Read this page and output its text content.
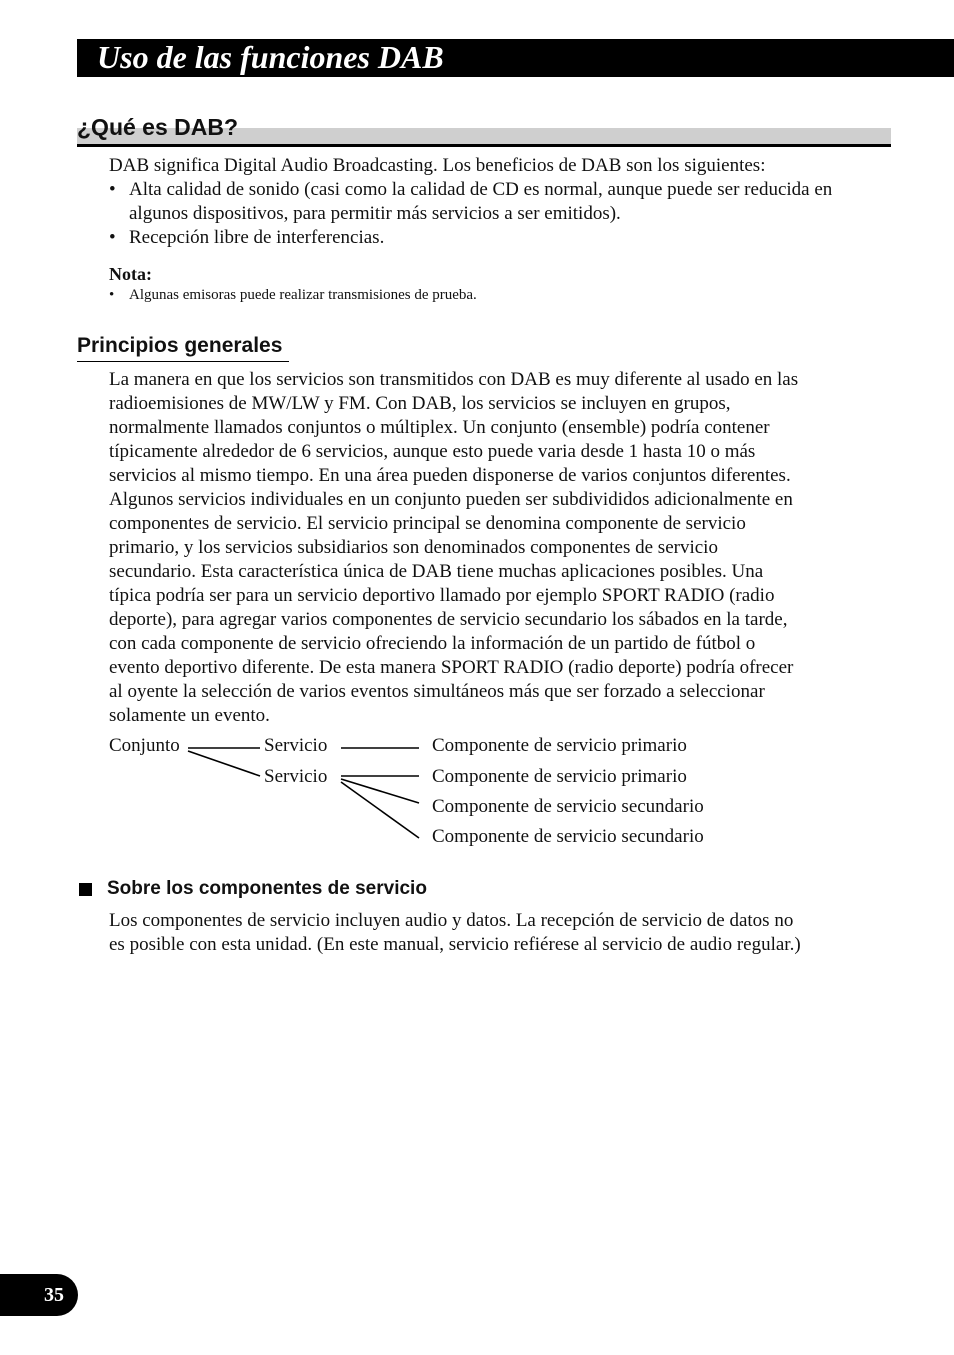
Uso de las funciones DAB
¿Qué es DAB?
DAB significa Digital Audio Broadcasting. Los beneficios de DAB son los siguientes:
• Alta calidad de sonido (casi como la calidad de CD es normal, aunque puede ser reducida en algunos dispositivos, para permitir más servicios a ser emitidos).
• Recepción libre de interferencias.
Nota:
• Algunas emisoras puede realizar transmisiones de prueba.
Principios generales
La manera en que los servicios son transmitidos con DAB es muy diferente al usado en las
radioemisiones de MW/LW y FM. Con DAB, los servicios se incluyen en grupos,
normalmente llamados conjuntos o múltiplex. Un conjunto (ensemble) podría contener
típicamente alrededor de 6 servicios, aunque esto puede varia desde 1 hasta 10 o más
servicios al mismo tiempo. En una área pueden disponerse de varios conjuntos diferentes.
Algunos servicios individuales en un conjunto pueden ser subdivididos adicionalmente en
componentes de servicio. El servicio principal se denomina componente de servicio
primario, y los servicios subsidiarios son denominados componentes de servicio
secundario. Esta característica única de DAB tiene muchas aplicaciones posibles. Una
típica podría ser para un servicio deportivo llamado por ejemplo SPORT RADIO (radio
deporte), para agregar varios componentes de servicio secundario los sábados en la tarde,
con cada componente de servicio ofreciendo la información de un partido de fútbol o
evento deportivo diferente. De esta manera SPORT RADIO (radio deporte) podría ofrecer
al oyente la selección de varios eventos simultáneos más que ser forzado a seleccionar
solamente un evento.
Conjunto	Servicio
Servicio
Componente de servicio primario
Componente de servicio primario
Componente de servicio secundario
Componente de servicio secundario
Sobre los componentes de servicio
Los componentes de servicio incluyen audio y datos. La recepción de servicio de datos no
es posible con esta unidad. (En este manual, servicio refiérese al servicio de audio regular.)
35
